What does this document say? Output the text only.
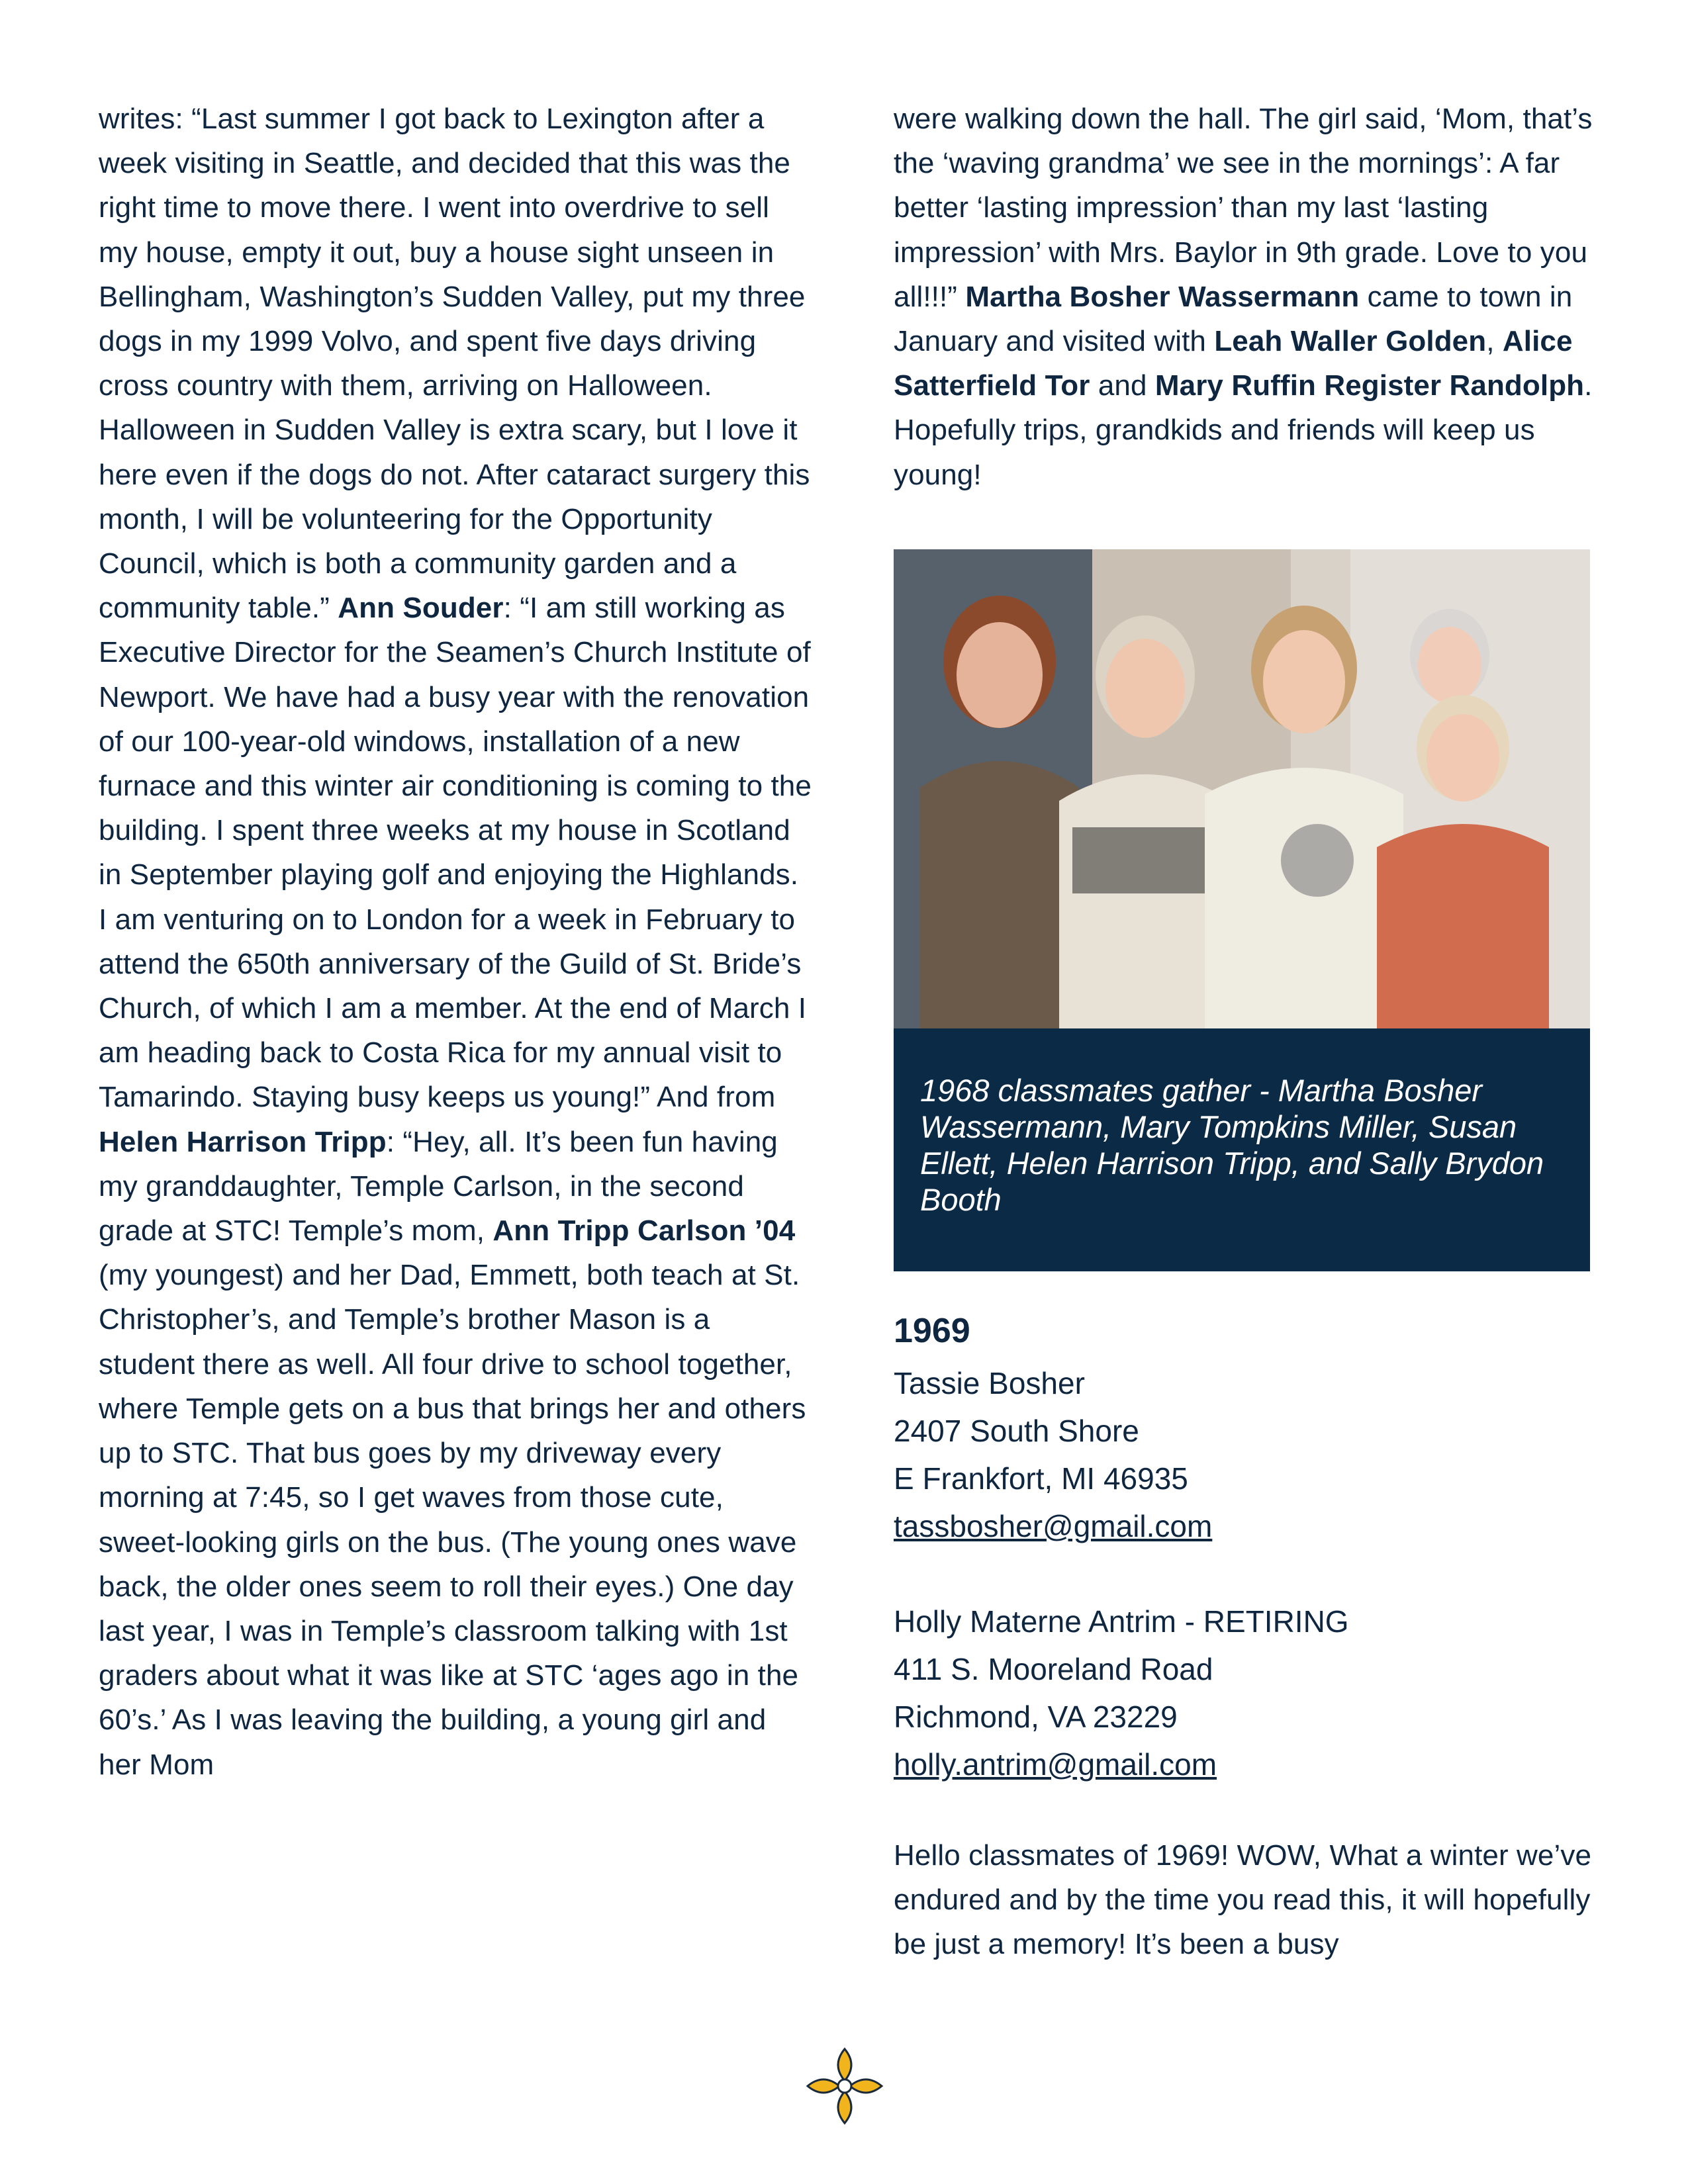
writes: “Last summer I got back to Lexington after a week visiting in Seattle, and decided that this was the right time to move there. I went into overdrive to sell my house, empty it out, buy a house sight unseen in Bellingham, Washington’s Sudden Valley, put my three dogs in my 1999 Volvo, and spent five days driving cross country with them, arriving on Halloween. Halloween in Sudden Valley is extra scary, but I love it here even if the dogs do not. After cataract surgery this month, I will be volunteering for the Opportunity Council, which is both a community garden and a community table.” Ann Souder: “I am still working as Executive Director for the Seamen’s Church Institute of Newport. We have had a busy year with the renovation of our 100-year-old windows, installation of a new furnace and this winter air conditioning is coming to the building. I spent three weeks at my house in Scotland in September playing golf and enjoying the Highlands. I am venturing on to London for a week in February to attend the 650th anniversary of the Guild of St. Bride’s Church, of which I am a member. At the end of March I am heading back to Costa Rica for my annual visit to Tamarindo. Staying busy keeps us young!” And from Helen Harrison Tripp: “Hey, all. It’s been fun having my granddaughter, Temple Carlson, in the second grade at STC! Temple’s mom, Ann Tripp Carlson ’04 (my youngest) and her Dad, Emmett, both teach at St. Christopher’s, and Temple’s brother Mason is a student there as well. All four drive to school together, where Temple gets on a bus that brings her and others up to STC. That bus goes by my driveway every morning at 7:45, so I get waves from those cute, sweet-looking girls on the bus. (The young ones wave back, the older ones seem to roll their eyes.) One day last year, I was in Temple’s classroom talking with 1st graders about what it was like at STC ‘ages ago in the 60’s.’ As I was leaving the building, a young girl and her Mom

were walking down the hall. The girl said, ‘Mom, that’s the ‘waving grandma’ we see in the mornings’: A far better ‘lasting impression’ than my last ‘lasting impression’ with Mrs. Baylor in 9th grade. Love to you all!!!” Martha Bosher Wassermann came to town in January and visited with Leah Waller Golden, Alice Satterfield Tor and Mary Ruffin Register Randolph. Hopefully trips, grandkids and friends will keep us young!

1968 classmates gather - Martha Bosher Wassermann, Mary Tompkins Miller, Susan Ellett, Helen Harrison Tripp, and Sally Brydon Booth

1969

Tassie Bosher

2407 South Shore

E Frankfort, MI 46935

tassbosher@gmail.com

Holly Materne Antrim - RETIRING

411 S. Mooreland Road

Richmond, VA 23229

holly.antrim@gmail.com

Hello classmates of 1969! WOW, What a winter we’ve endured and by the time you read this, it will hopefully be just a memory! It’s been a busy
